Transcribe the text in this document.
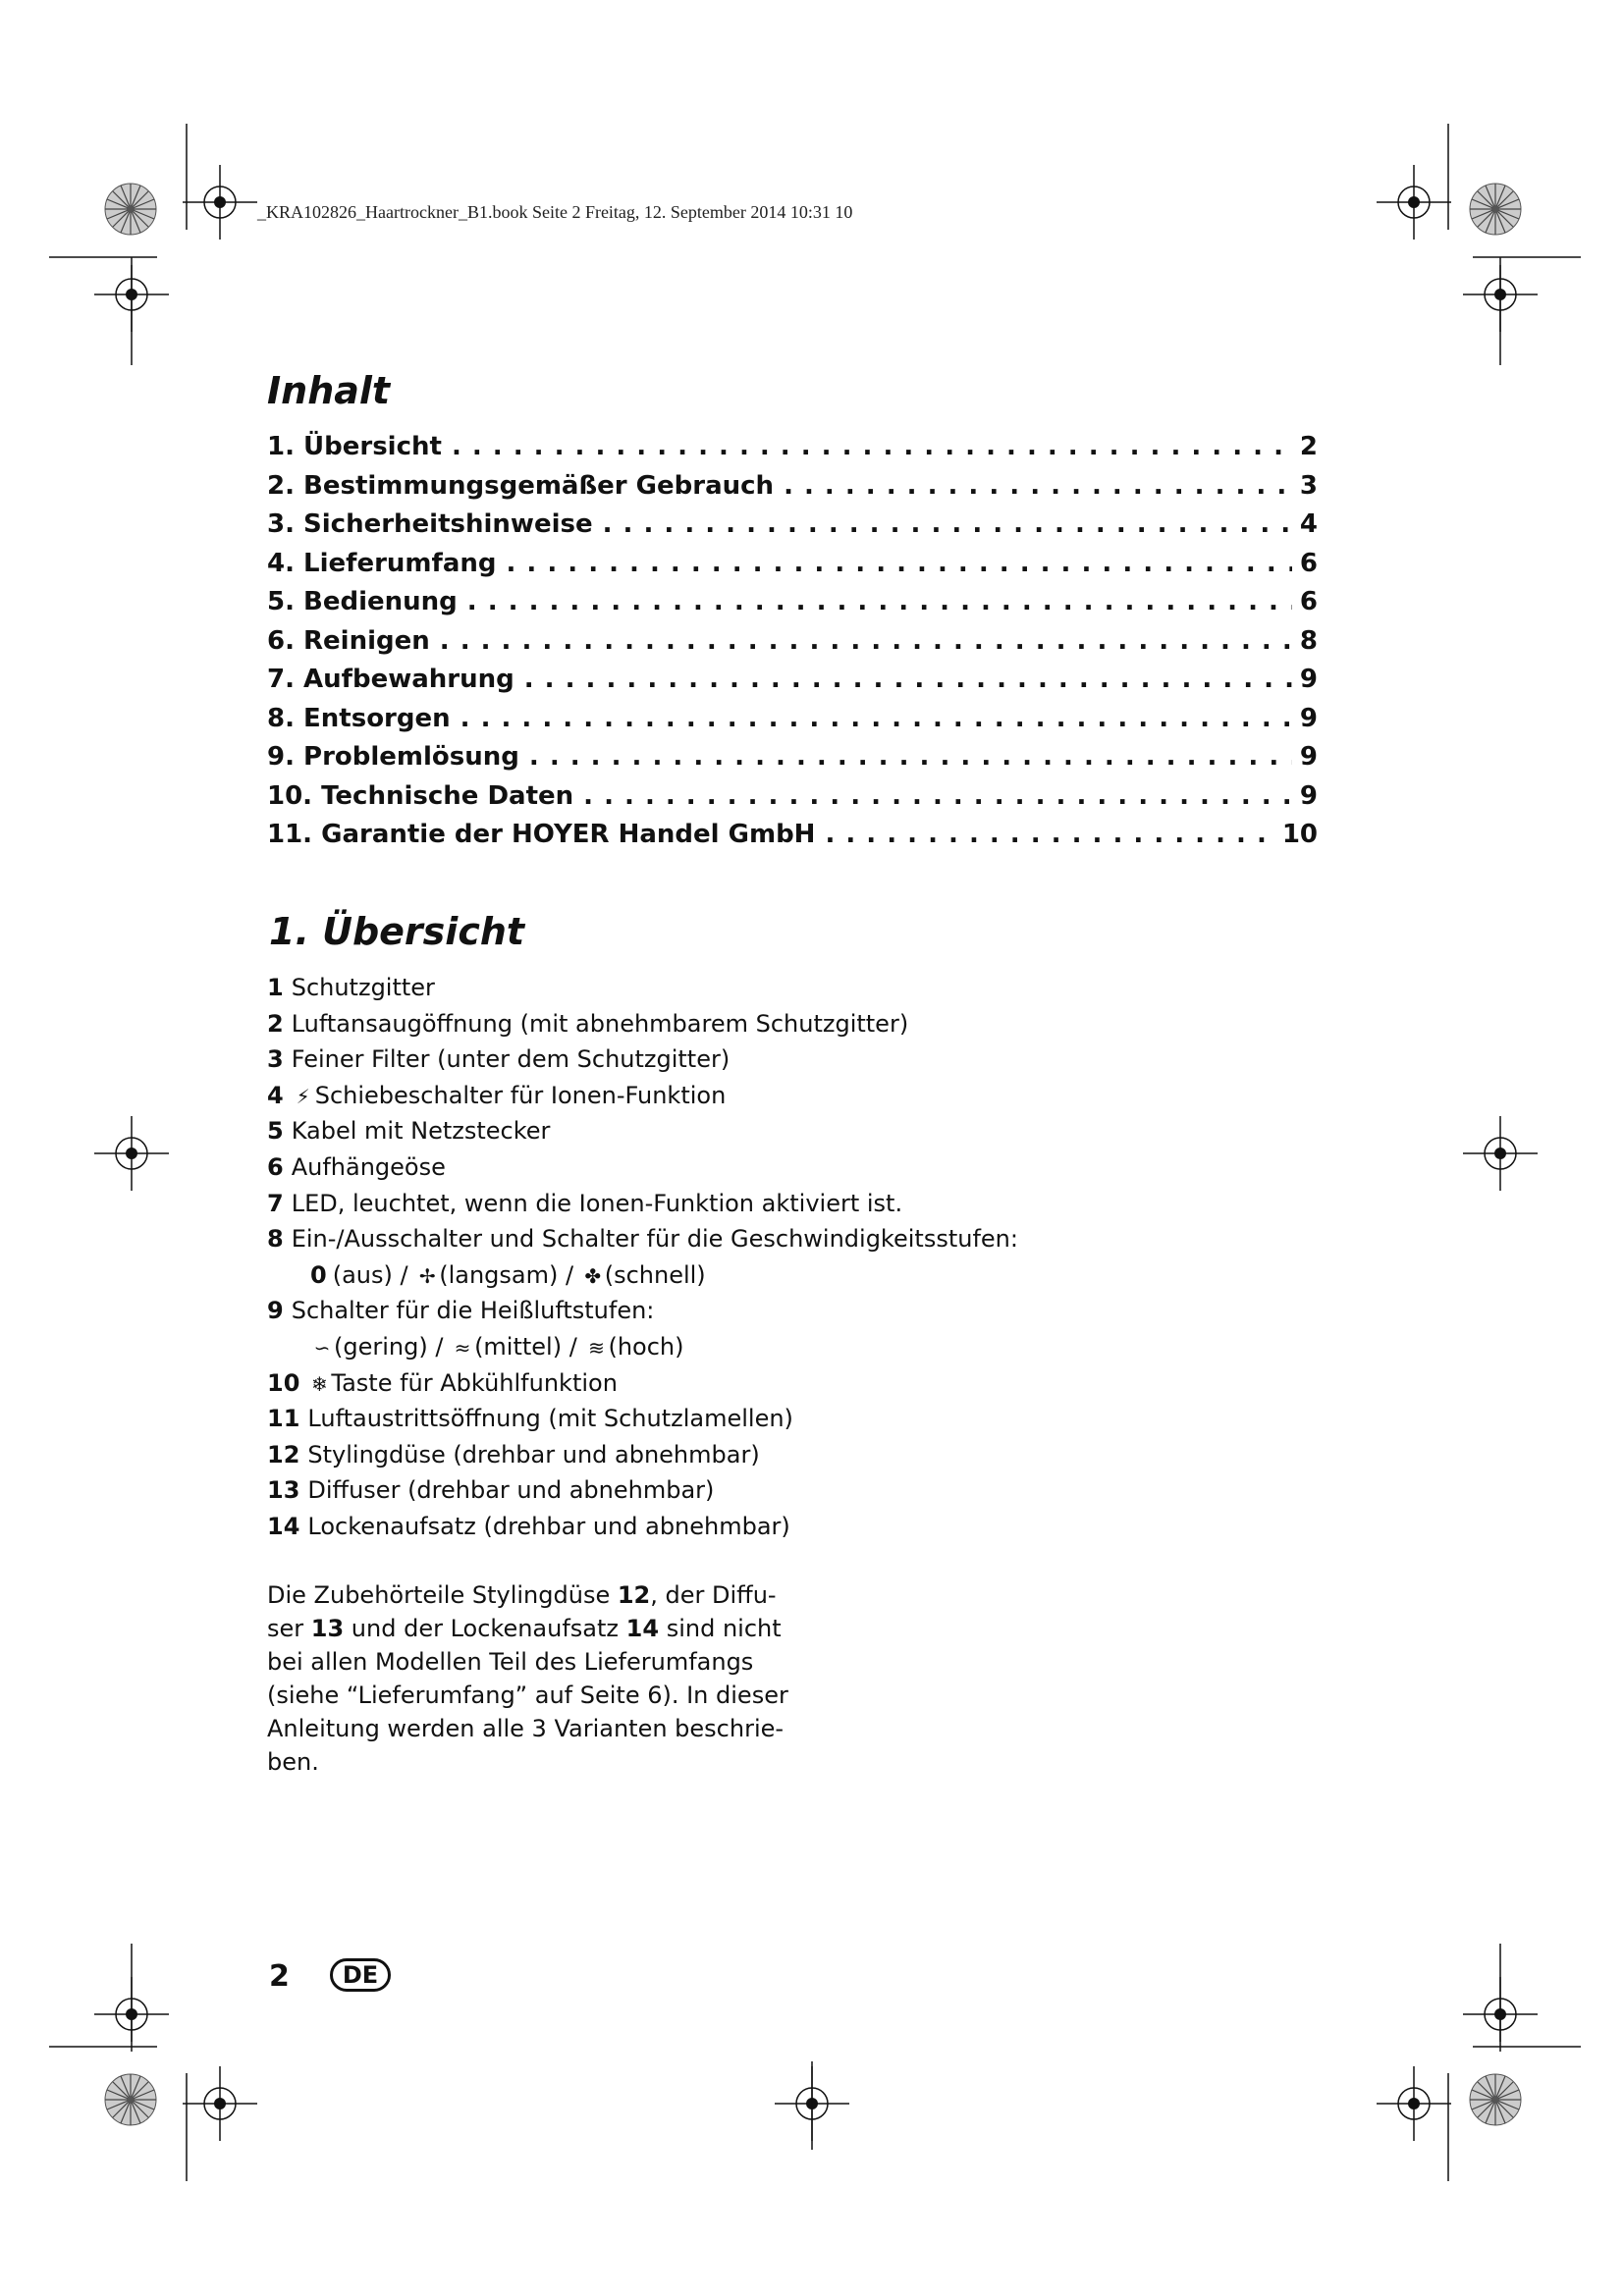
_KRA102826_Haartrockner_B1.book Seite 2 Freitag, 12. September 2014 10:31 10
Inhalt
1. Übersicht . . .	2
2. Bestimmungsgemäßer Gebrauch . . .	3
3. Sicherheitshinweise . . .	4
4. Lieferumfang . . .	6
5. Bedienung . . .	6
6. Reinigen . . .	8
7. Aufbewahrung . . .	9
8. Entsorgen . . .	9
9. Problemlösung . . .	9
10. Technische Daten . . .	9
11. Garantie der HOYER Handel GmbH . . .	10
1. Übersicht
1 Schutzgitter
2 Luftansaugöffnung (mit abnehmbarem Schutzgitter)
3 Feiner Filter (unter dem Schutzgitter)
4 ⚡ Schiebeschalter für Ionen-Funktion
5 Kabel mit Netzstecker
6 Aufhängeöse
7 LED, leuchtet, wenn die Ionen-Funktion aktiviert ist.
8 Ein-/Ausschalter und Schalter für die Geschwindigkeitsstufen:
0 (aus) / ✢ (langsam) / ✤ (schnell)
9 Schalter für die Heißluftstufen:
∽ (gering) / ≈ (mittel) / ≋ (hoch)
10 ❄ Taste für Abkühlfunktion
11 Luftaustrittsöffnung (mit Schutzlamellen)
12 Stylingdüse (drehbar und abnehmbar)
13 Diffuser (drehbar und abnehmbar)
14 Lockenaufsatz (drehbar und abnehmbar)

Die Zubehörteile Stylingdüse 12, der Diffu-ser 13 und der Lockenaufsatz 14 sind nicht bei allen Modellen Teil des Lieferumfangs (siehe “Lieferumfang” auf Seite 6). In dieser Anleitung werden alle 3 Varianten beschrie-ben.

2	DE
